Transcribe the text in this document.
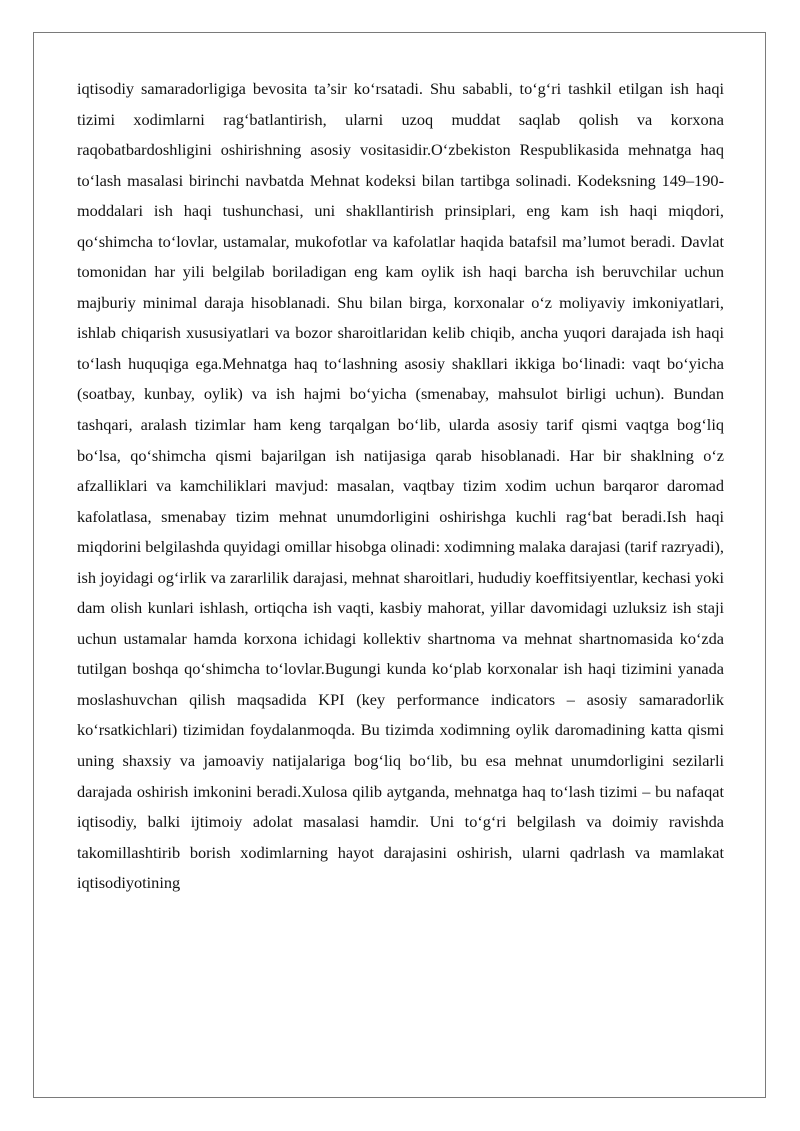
iqtisodiy samaradorligiga bevosita ta’sir ko‘rsatadi. Shu sababli, to‘g‘ri tashkil etilgan ish haqi tizimi xodimlarni rag‘batlantirish, ularni uzoq muddat saqlab qolish va korxona raqobatbardoshligini oshirishning asosiy vositasidir.O‘zbekiston Respublikasida mehnatga haq to‘lash masalasi birinchi navbatda Mehnat kodeksi bilan tartibga solinadi. Kodeksning 149–190-moddalari ish haqi tushunchasi, uni shakllantirish prinsiplari, eng kam ish haqi miqdori, qo‘shimcha to‘lovlar, ustamalar, mukofotlar va kafolatlar haqida batafsil ma’lumot beradi. Davlat tomonidan har yili belgilab boriladigan eng kam oylik ish haqi barcha ish beruvchilar uchun majburiy minimal daraja hisoblanadi. Shu bilan birga, korxonalar o‘z moliyaviy imkoniyatlari, ishlab chiqarish xususiyatlari va bozor sharoitlaridan kelib chiqib, ancha yuqori darajada ish haqi to‘lash huquqiga ega.Mehnatga haq to‘lashning asosiy shakllari ikkiga bo‘linadi: vaqt bo‘yicha (soatbay, kunbay, oylik) va ish hajmi bo‘yicha (smenabay, mahsulot birligi uchun). Bundan tashqari, aralash tizimlar ham keng tarqalgan bo‘lib, ularda asosiy tarif qismi vaqtga bog‘liq bo‘lsa, qo‘shimcha qismi bajarilgan ish natijasiga qarab hisoblanadi. Har bir shaklning o‘z afzalliklari va kamchiliklari mavjud: masalan, vaqtbay tizim xodim uchun barqaror daromad kafolatlasa, smenabay tizim mehnat unumdorligini oshirishga kuchli rag‘bat beradi.Ish haqi miqdorini belgilashda quyidagi omillar hisobga olinadi: xodimning malaka darajasi (tarif razryadi), ish joyidagi og‘irlik va zararlilik darajasi, mehnat sharoitlari, hududiy koeffitsiyentlar, kechasi yoki dam olish kunlari ishlash, ortiqcha ish vaqti, kasbiy mahorat, yillar davomidagi uzluksiz ish staji uchun ustamalar hamda korxona ichidagi kollektiv shartnoma va mehnat shartnomasida ko‘zda tutilgan boshqa qo‘shimcha to‘lovlar.Bugungi kunda ko‘plab korxonalar ish haqi tizimini yanada moslashuvchan qilish maqsadida KPI (key performance indicators – asosiy samaradorlik ko‘rsatkichlari) tizimidan foydalanmoqda. Bu tizimda xodimning oylik daromadining katta qismi uning shaxsiy va jamoaviy natijalariga bog‘liq bo‘lib, bu esa mehnat unumdorligini sezilarli darajada oshirish imkonini beradi.Xulosa qilib aytganda, mehnatga haq to‘lash tizimi – bu nafaqat iqtisodiy, balki ijtimoiy adolat masalasi hamdir. Uni to‘g‘ri belgilash va doimiy ravishda takomillashtirib borish xodimlarning hayot darajasini oshirish, ularni qadrlash va mamlakat iqtisodiyotining
